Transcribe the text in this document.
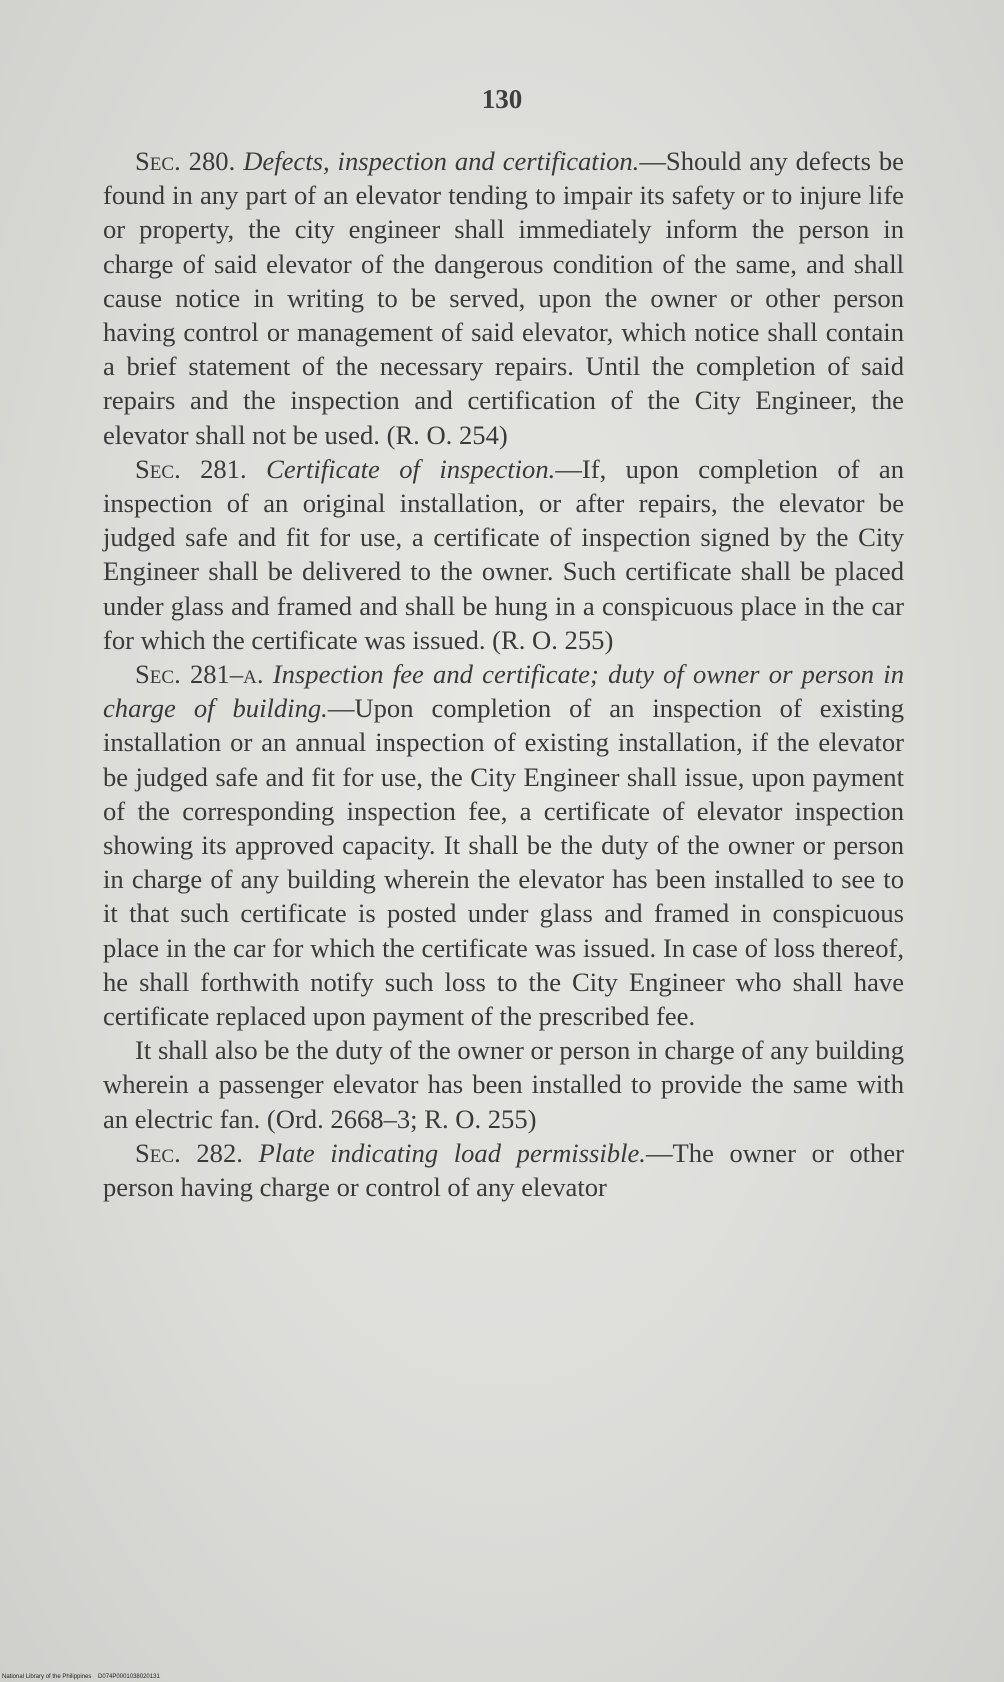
130

Sec. 280. Defects, inspection and certification.—Should any defects be found in any part of an elevator tending to impair its safety or to injure life or property, the city engineer shall immediately inform the person in charge of said elevator of the dangerous condition of the same, and shall cause notice in writing to be served, upon the owner or other person having control or management of said elevator, which notice shall contain a brief statement of the necessary repairs. Until the completion of said repairs and the inspection and certification of the City Engineer, the elevator shall not be used. (R. O. 254)

Sec. 281. Certificate of inspection.—If, upon completion of an inspection of an original installation, or after repairs, the elevator be judged safe and fit for use, a certificate of inspection signed by the City Engineer shall be delivered to the owner. Such certificate shall be placed under glass and framed and shall be hung in a conspicuous place in the car for which the certificate was issued. (R. O. 255)

Sec. 281–a. Inspection fee and certificate; duty of owner or person in charge of building.—Upon completion of an inspection of existing installation or an annual inspection of existing installation, if the elevator be judged safe and fit for use, the City Engineer shall issue, upon payment of the corresponding inspection fee, a certificate of elevator inspection showing its approved capacity. It shall be the duty of the owner or person in charge of any building wherein the elevator has been installed to see to it that such certificate is posted under glass and framed in conspicuous place in the car for which the certificate was issued. In case of loss thereof, he shall forthwith notify such loss to the City Engineer who shall have certificate replaced upon payment of the prescribed fee.

It shall also be the duty of the owner or person in charge of any building wherein a passenger elevator has been installed to provide the same with an electric fan. (Ord. 2668–3; R. O. 255)

Sec. 282. Plate indicating load permissible.—The owner or other person having charge or control of any elevator

National Library of the Philippines    D074P0001038020131
